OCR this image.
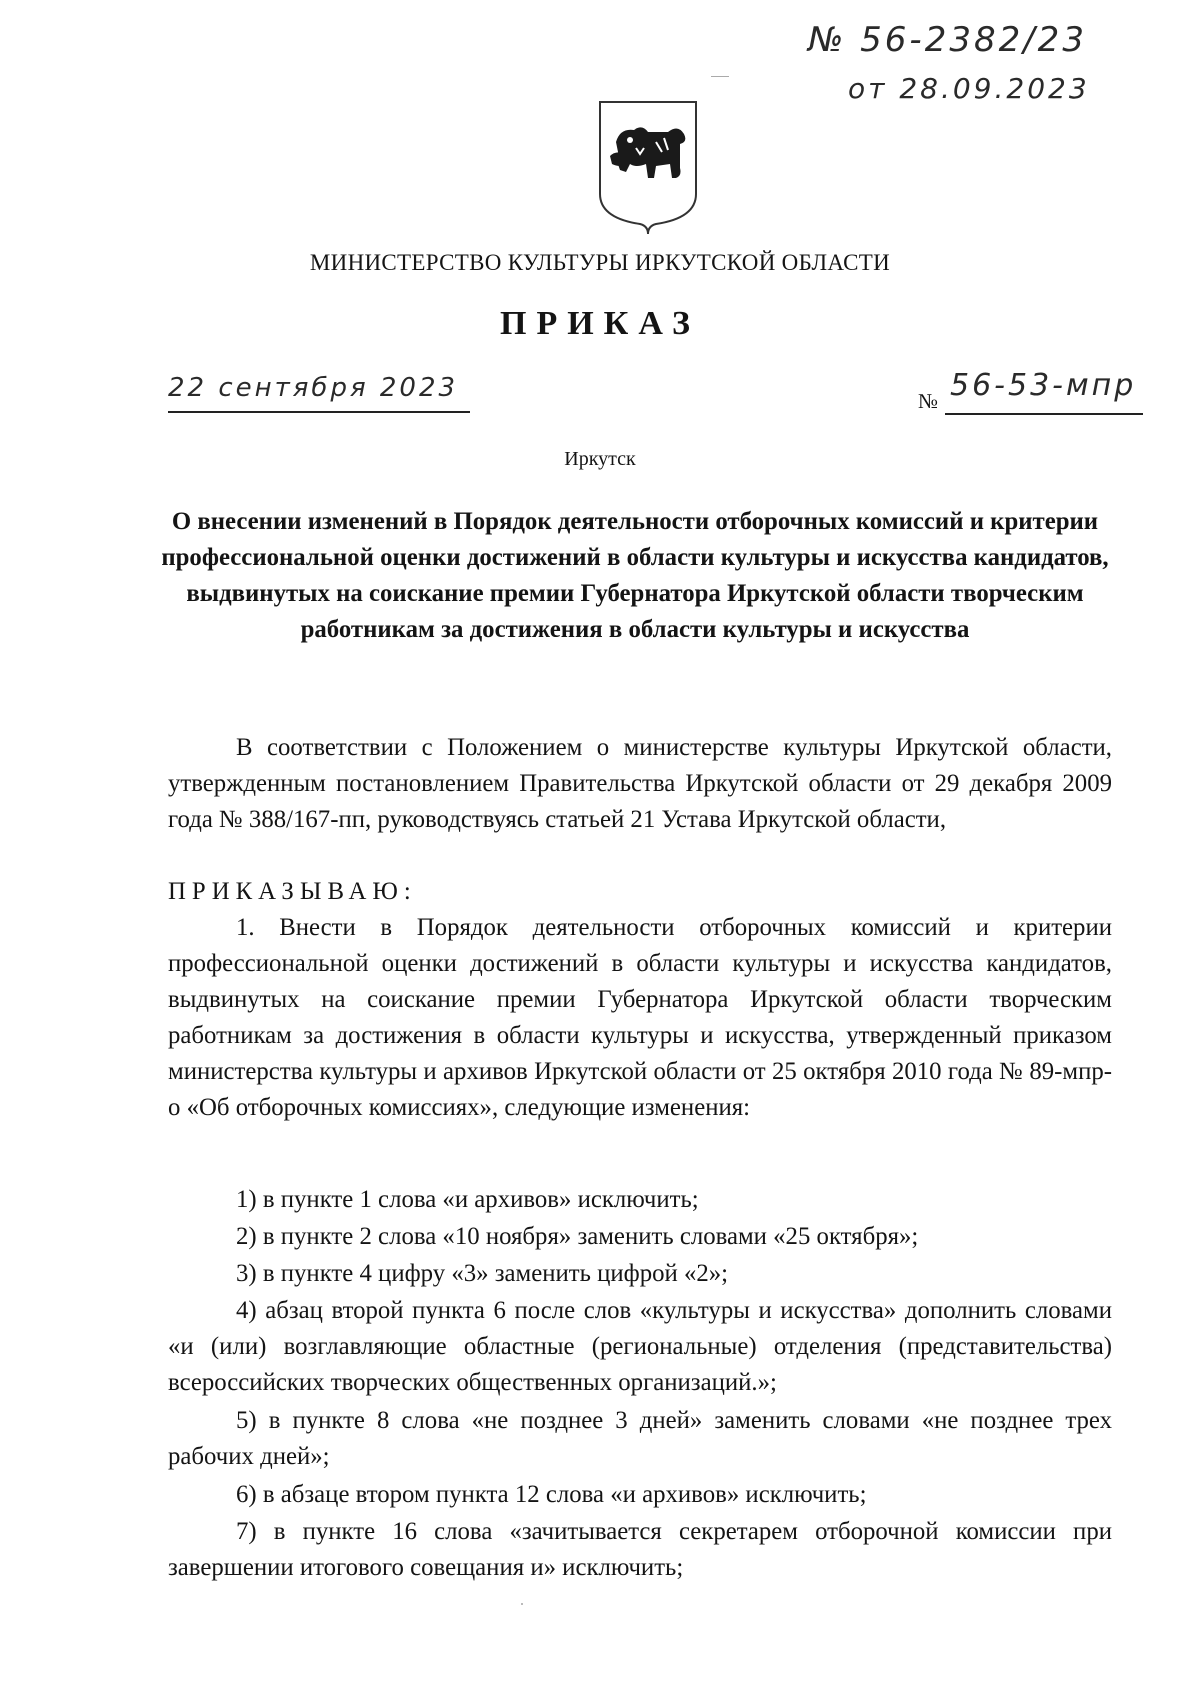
№ 56-2382/23
от 28.09.2023
МИНИСТЕРСТВО КУЛЬТУРЫ ИРКУТСКОЙ ОБЛАСТИ
ПРИКАЗ
22 сентября 2023	№ 56-53-мпр
Иркутск
О внесении изменений в Порядок деятельности отборочных комиссий и критерии профессиональной оценки достижений в области культуры и искусства кандидатов, выдвинутых на соискание премии Губернатора Иркутской области творческим работникам за достижения в области культуры и искусства
В соответствии с Положением о министерстве культуры Иркутской области, утвержденным постановлением Правительства Иркутской области от 29 декабря 2009 года № 388/167-пп, руководствуясь статьей 21 Устава Иркутской области,
ПРИКАЗЫВАЮ:
1. Внести в Порядок деятельности отборочных комиссий и критерии профессиональной оценки достижений в области культуры и искусства кандидатов, выдвинутых на соискание премии Губернатора Иркутской области творческим работникам за достижения в области культуры и искусства, утвержденный приказом министерства культуры и архивов Иркутской области от 25 октября 2010 года № 89-мпр-о «Об отборочных комиссиях», следующие изменения:
1) в пункте 1 слова «и архивов» исключить;
2) в пункте 2 слова «10 ноября» заменить словами «25 октября»;
3) в пункте 4 цифру «3» заменить цифрой «2»;
4) абзац второй пункта 6 после слов «культуры и искусства» дополнить словами «и (или) возглавляющие областные (региональные) отделения (представительства) всероссийских творческих общественных организаций.»;
5) в пункте 8 слова «не позднее 3 дней» заменить словами «не позднее трех рабочих дней»;
6) в абзаце втором пункта 12 слова «и архивов» исключить;
7) в пункте 16 слова «зачитывается секретарем отборочной комиссии при завершении итогового совещания и» исключить;
